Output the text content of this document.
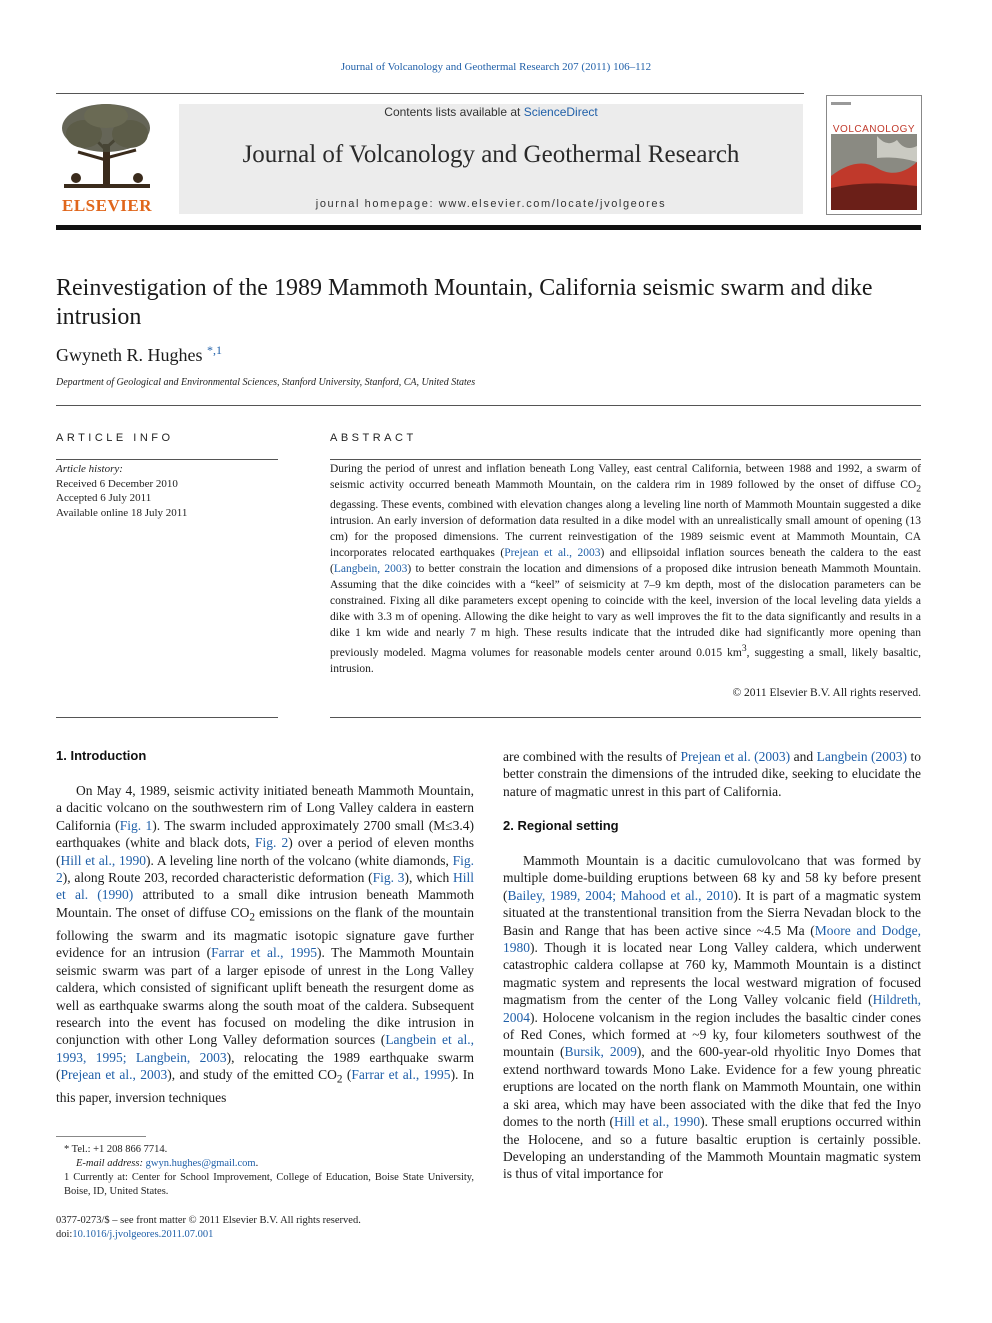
Journal of Volcanology and Geothermal Research 207 (2011) 106–112
ELSEVIER
Contents lists available at ScienceDirect
Journal of Volcanology and Geothermal Research
journal homepage: www.elsevier.com/locate/jvolgeores
VOLCANOLOGY
Reinvestigation of the 1989 Mammoth Mountain, California seismic swarm and dike intrusion
Gwyneth R. Hughes $^{*,1}$
Department of Geological and Environmental Sciences, Stanford University, Stanford, CA, United States
ARTICLE INFO
Article history:
Received 6 December 2010
Accepted 6 July 2011
Available online 18 July 2011
ABSTRACT
During the period of unrest and inflation beneath Long Valley, east central California, between 1988 and 1992, a swarm of seismic activity occurred beneath Mammoth Mountain, on the caldera rim in 1989 followed by the onset of diffuse $CO_2$ degassing. These events, combined with elevation changes along a leveling line north of Mammoth Mountain suggested a dike intrusion. An early inversion of deformation data resulted in a dike model with an unrealistically small amount of opening (13 cm) for the proposed dimensions. The current reinvestigation of the 1989 seismic event at Mammoth Mountain, CA incorporates relocated earthquakes (Prejean et al., 2003) and ellipsoidal inflation sources beneath the caldera to the east (Langbein, 2003) to better constrain the location and dimensions of a proposed dike intrusion beneath Mammoth Mountain. Assuming that the dike coincides with a “keel” of seismicity at 7–9 km depth, most of the dislocation parameters can be constrained. Fixing all dike parameters except opening to coincide with the keel, inversion of the local leveling data yields a dike with 3.3 m of opening. Allowing the dike height to vary as well improves the fit to the data significantly and results in a dike 1 km wide and nearly 7 m high. These results indicate that the intruded dike had significantly more opening than previously modeled. Magma volumes for reasonable models center around 0.015 $km^3$, suggesting a small, likely basaltic, intrusion.
© 2011 Elsevier B.V. All rights reserved.
1. Introduction
On May 4, 1989, seismic activity initiated beneath Mammoth Mountain, a dacitic volcano on the southwestern rim of Long Valley caldera in eastern California (Fig. 1). The swarm included approximately 2700 small (M≤3.4) earthquakes (white and black dots, Fig. 2) over a period of eleven months (Hill et al., 1990). A leveling line north of the volcano (white diamonds, Fig. 2), along Route 203, recorded characteristic deformation (Fig. 3), which Hill et al. (1990) attributed to a small dike intrusion beneath Mammoth Mountain. The onset of diffuse $CO_2$ emissions on the flank of the mountain following the swarm and its magmatic isotopic signature gave further evidence for an intrusion (Farrar et al., 1995). The Mammoth Mountain seismic swarm was part of a larger episode of unrest in the Long Valley caldera, which consisted of significant uplift beneath the resurgent dome as well as earthquake swarms along the south moat of the caldera. Subsequent research into the event has focused on modeling the dike intrusion in conjunction with other Long Valley deformation sources (Langbein et al., 1993, 1995; Langbein, 2003), relocating the 1989 earthquake swarm (Prejean et al., 2003), and study of the emitted $CO_2$ (Farrar et al., 1995). In this paper, inversion techniques
* Tel.: +1 208 866 7714.
E-mail address: gwyn.hughes@gmail.com.
1 Currently at: Center for School Improvement, College of Education, Boise State University, Boise, ID, United States.
0377-0273/$ – see front matter © 2011 Elsevier B.V. All rights reserved.
doi:10.1016/j.jvolgeores.2011.07.001
are combined with the results of Prejean et al. (2003) and Langbein (2003) to better constrain the dimensions of the intruded dike, seeking to elucidate the nature of magmatic unrest in this part of California.
2. Regional setting
Mammoth Mountain is a dacitic cumulovolcano that was formed by multiple dome-building eruptions between 68 ky and 58 ky before present (Bailey, 1989, 2004; Mahood et al., 2010). It is part of a magmatic system situated at the transtentional transition from the Sierra Nevadan block to the Basin and Range that has been active since ~4.5 Ma (Moore and Dodge, 1980). Though it is located near Long Valley caldera, which underwent catastrophic caldera collapse at 760 ky, Mammoth Mountain is a distinct magmatic system and represents the local westward migration of focused magmatism from the center of the Long Valley volcanic field (Hildreth, 2004). Holocene volcanism in the region includes the basaltic cinder cones of Red Cones, which formed at ~9 ky, four kilometers southwest of the mountain (Bursik, 2009), and the 600-year-old rhyolitic Inyo Domes that extend northward towards Mono Lake. Evidence for a few young phreatic eruptions are located on the north flank on Mammoth Mountain, one within a ski area, which may have been associated with the dike that fed the Inyo domes to the north (Hill et al., 1990). These small eruptions occurred within the Holocene, and so a future basaltic eruption is certainly possible. Developing an understanding of the Mammoth Mountain magmatic system is thus of vital importance for
